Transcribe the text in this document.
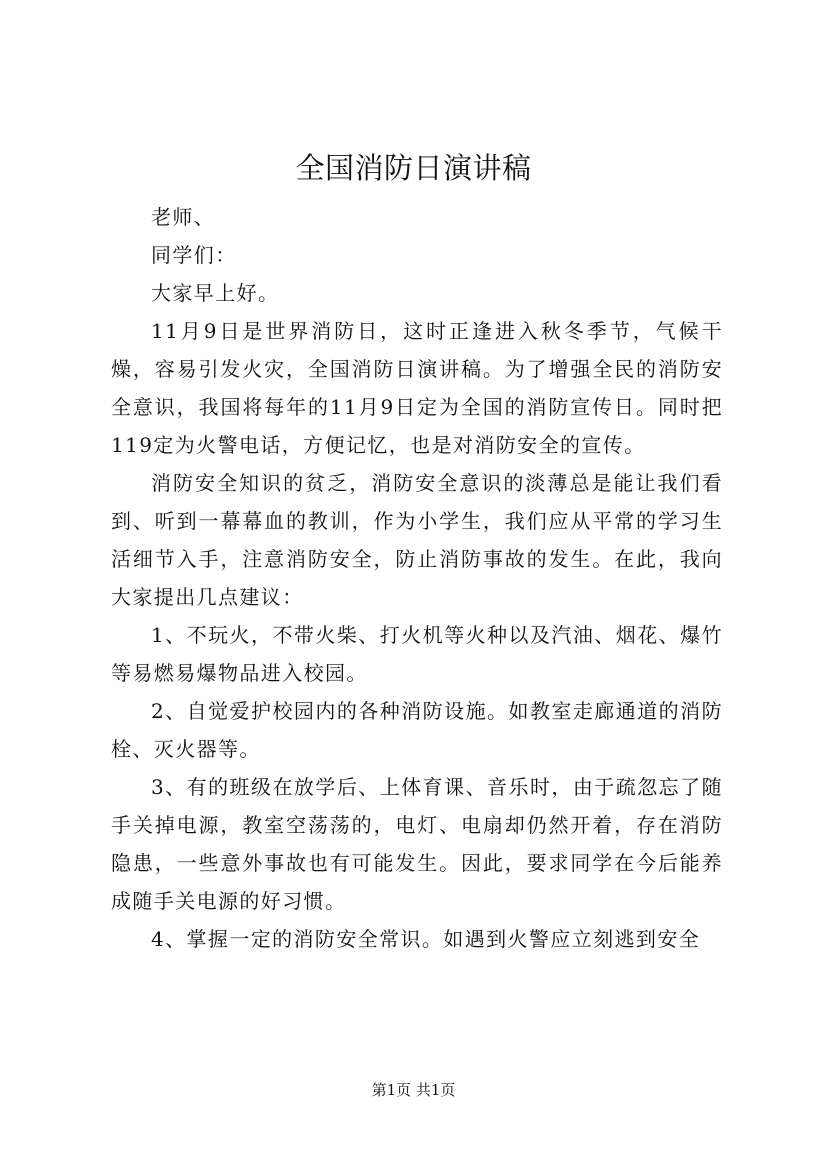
全国消防日演讲稿

老师、

同学们：

大家早上好。

11月9日是世界消防日，这时正逢进入秋冬季节，气候干燥，容易引发火灾，全国消防日演讲稿。为了增强全民的消防安全意识，我国将每年的11月9日定为全国的消防宣传日。同时把119定为火警电话，方便记忆，也是对消防安全的宣传。

消防安全知识的贫乏，消防安全意识的淡薄总是能让我们看到、听到一幕幕血的教训，作为小学生，我们应从平常的学习生活细节入手，注意消防安全，防止消防事故的发生。在此，我向大家提出几点建议：

1、不玩火，不带火柴、打火机等火种以及汽油、烟花、爆竹等易燃易爆物品进入校园。

2、自觉爱护校园内的各种消防设施。如教室走廊通道的消防栓、灭火器等。

3、有的班级在放学后、上体育课、音乐时，由于疏忽忘了随手关掉电源，教室空荡荡的，电灯、电扇却仍然开着，存在消防隐患，一些意外事故也有可能发生。因此，要求同学在今后能养成随手关电源的好习惯。

4、掌握一定的消防安全常识。如遇到火警应立刻逃到安全

第1页 共1页
